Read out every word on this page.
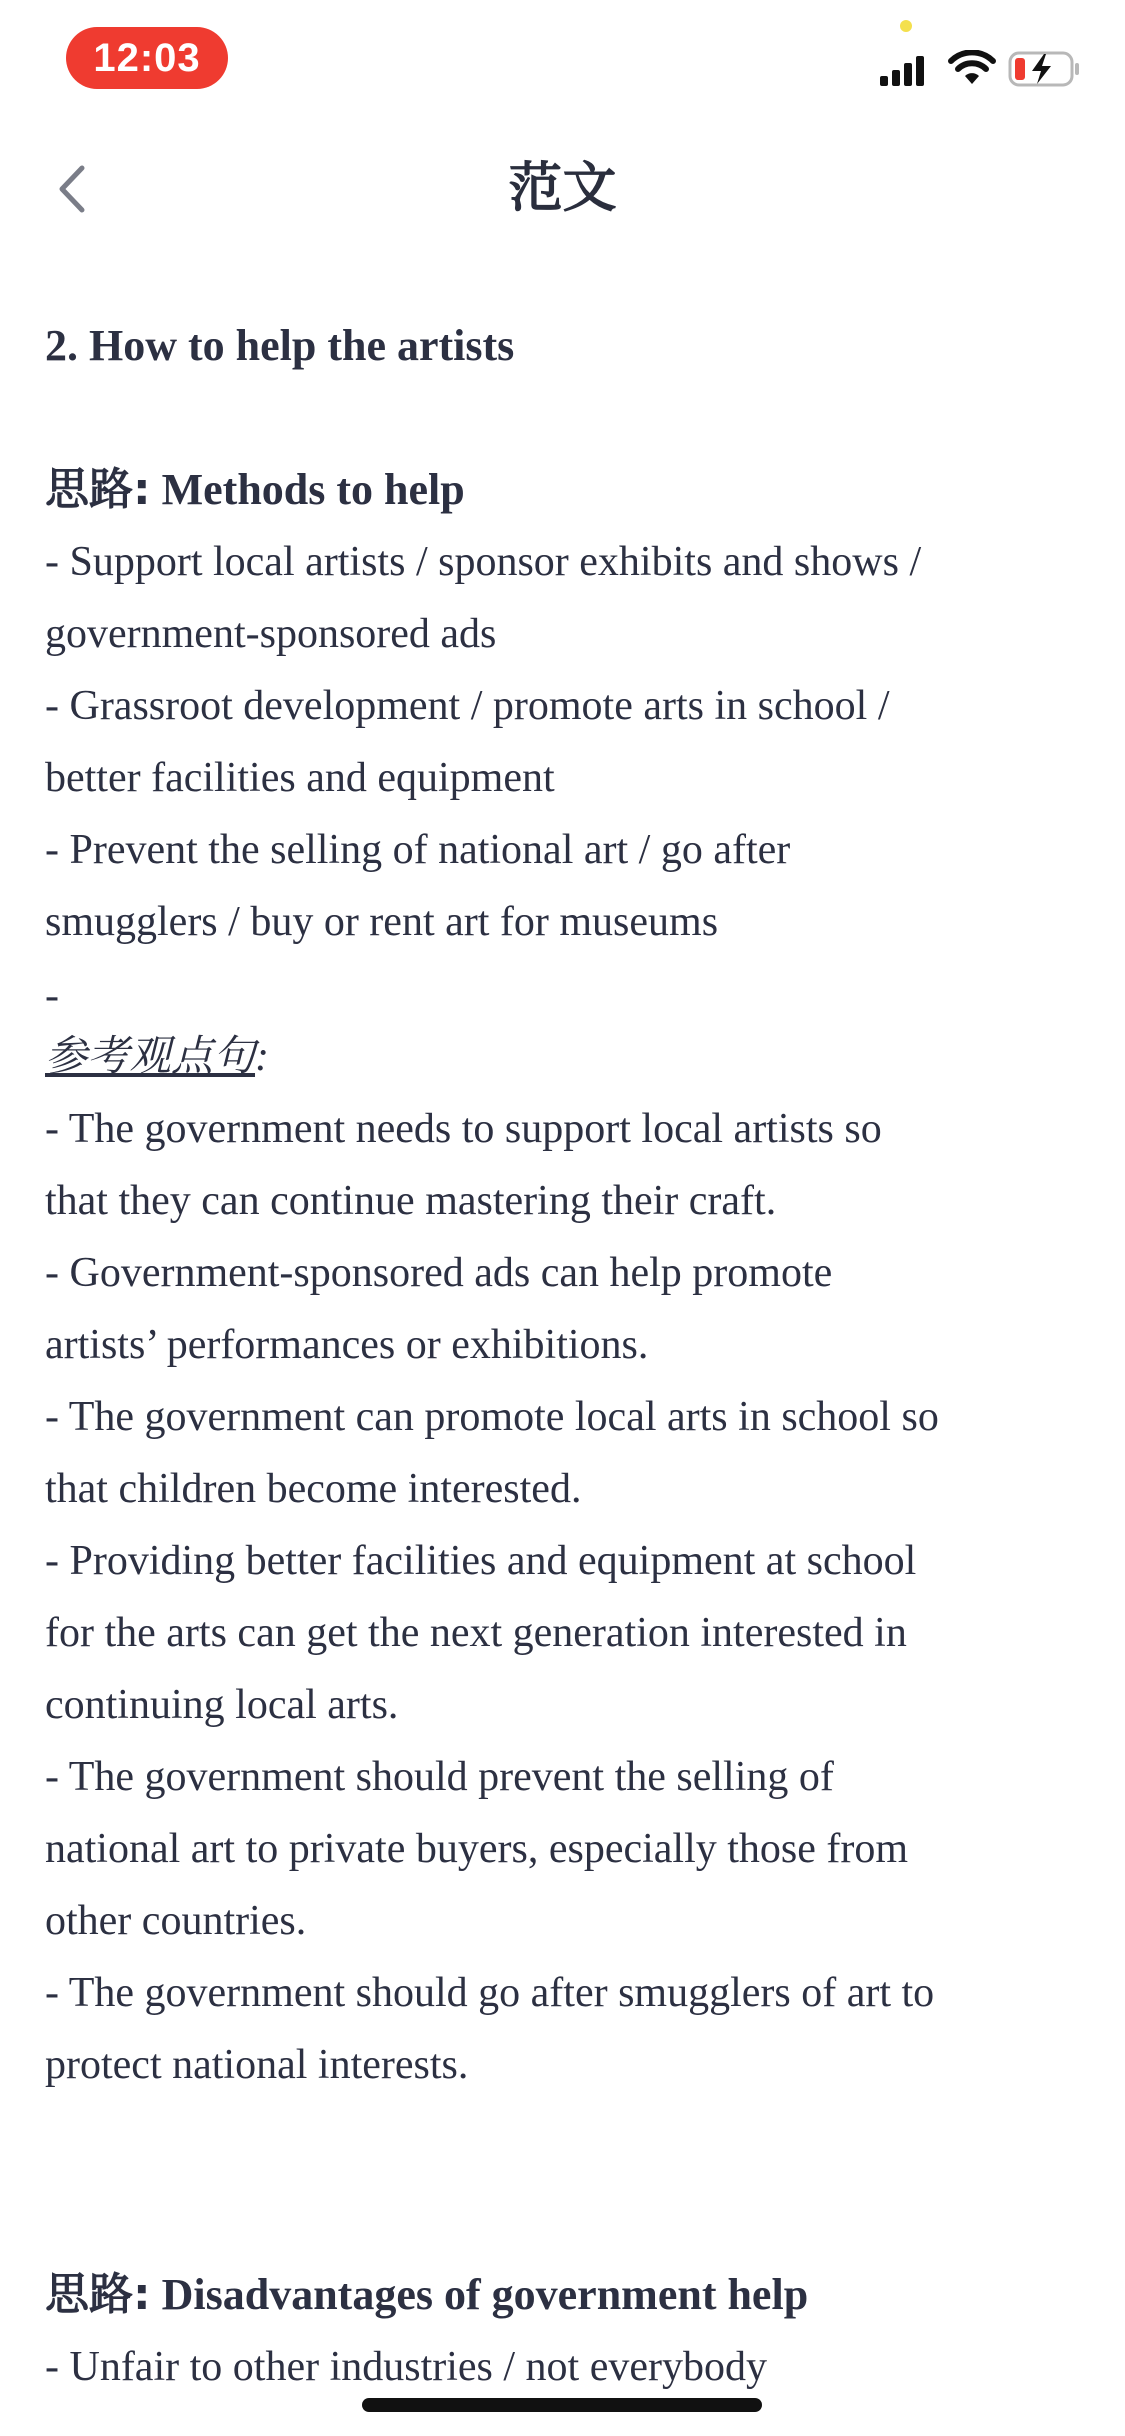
12:03
范文

2. How to help the artists

思路: Methods to help

- Support local artists / sponsor exhibits and shows /

government-sponsored ads

- Grassroot development / promote arts in school /

better facilities and equipment

- Prevent the selling of national art / go after

smugglers / buy or rent art for museums

-

参考观点句:

- The government needs to support local artists so

that they can continue mastering their craft.

- Government-sponsored ads can help promote

artists’ performances or exhibitions.

- The government can promote local arts in school so

that children become interested.

- Providing better facilities and equipment at school

for the arts can get the next generation interested in

continuing local arts.

- The government should prevent the selling of

national art to private buyers, especially those from

other countries.

- The government should go after smugglers of art to

protect national interests.

思路: Disadvantages of government help

- Unfair to other industries / not everybody
